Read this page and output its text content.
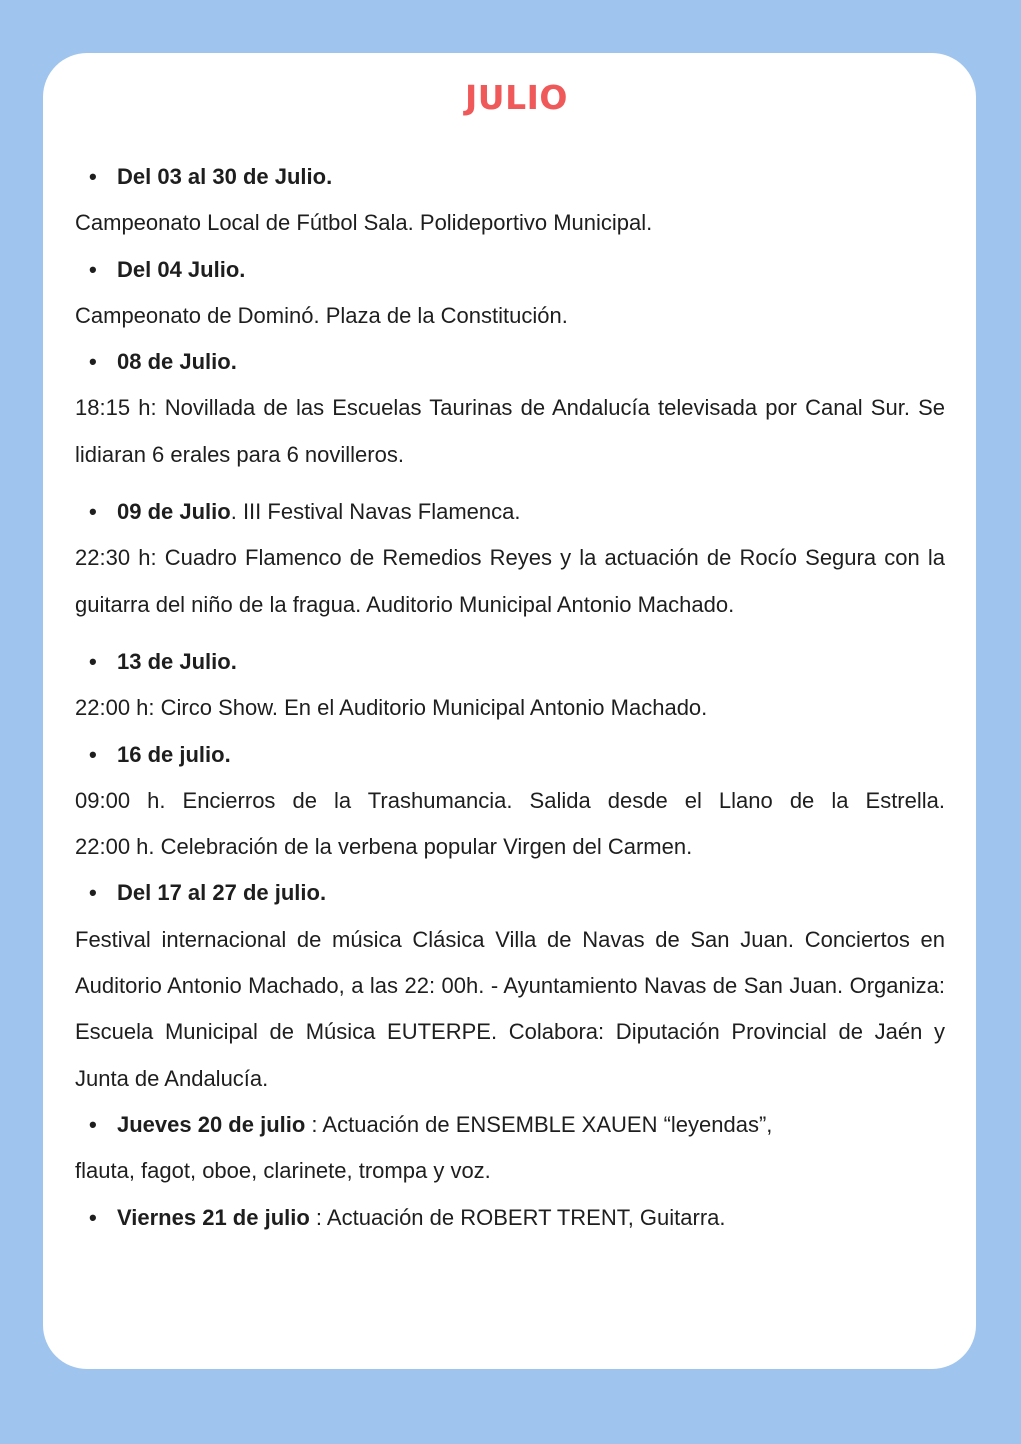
JULIO
• Del 03 al 30 de Julio.

Campeonato Local de Fútbol Sala. Polideportivo Municipal.

• Del 04 Julio.

Campeonato de Dominó. Plaza de la Constitución.

• 08 de Julio.

18:15 h: Novillada de las Escuelas Taurinas de Andalucía televisada por Canal Sur. Se lidiaran 6 erales para 6 novilleros.

• 09 de Julio. III Festival Navas Flamenca.

22:30 h: Cuadro Flamenco de Remedios Reyes y la actuación de Rocío Segura con la guitarra del niño de la fragua. Auditorio Municipal Antonio Machado.

• 13 de Julio.

22:00 h: Circo Show. En el Auditorio Municipal Antonio Machado.

• 16 de julio.

09:00 h. Encierros de la Trashumancia. Salida desde el Llano de la Estrella.

22:00 h. Celebración de la verbena popular Virgen del Carmen.

• Del 17 al 27 de julio.

Festival internacional de música Clásica Villa de Navas de San Juan. Conciertos en Auditorio Antonio Machado, a las 22: 00h. - Ayuntamiento Navas de San Juan. Organiza: Escuela Municipal de Música EUTERPE. Colabora: Diputación Provincial de Jaén y Junta de Andalucía.

• Jueves 20 de julio : Actuación de ENSEMBLE XAUEN “leyendas”,

flauta, fagot, oboe, clarinete, trompa y voz.

• Viernes 21 de julio : Actuación de ROBERT TRENT, Guitarra.
